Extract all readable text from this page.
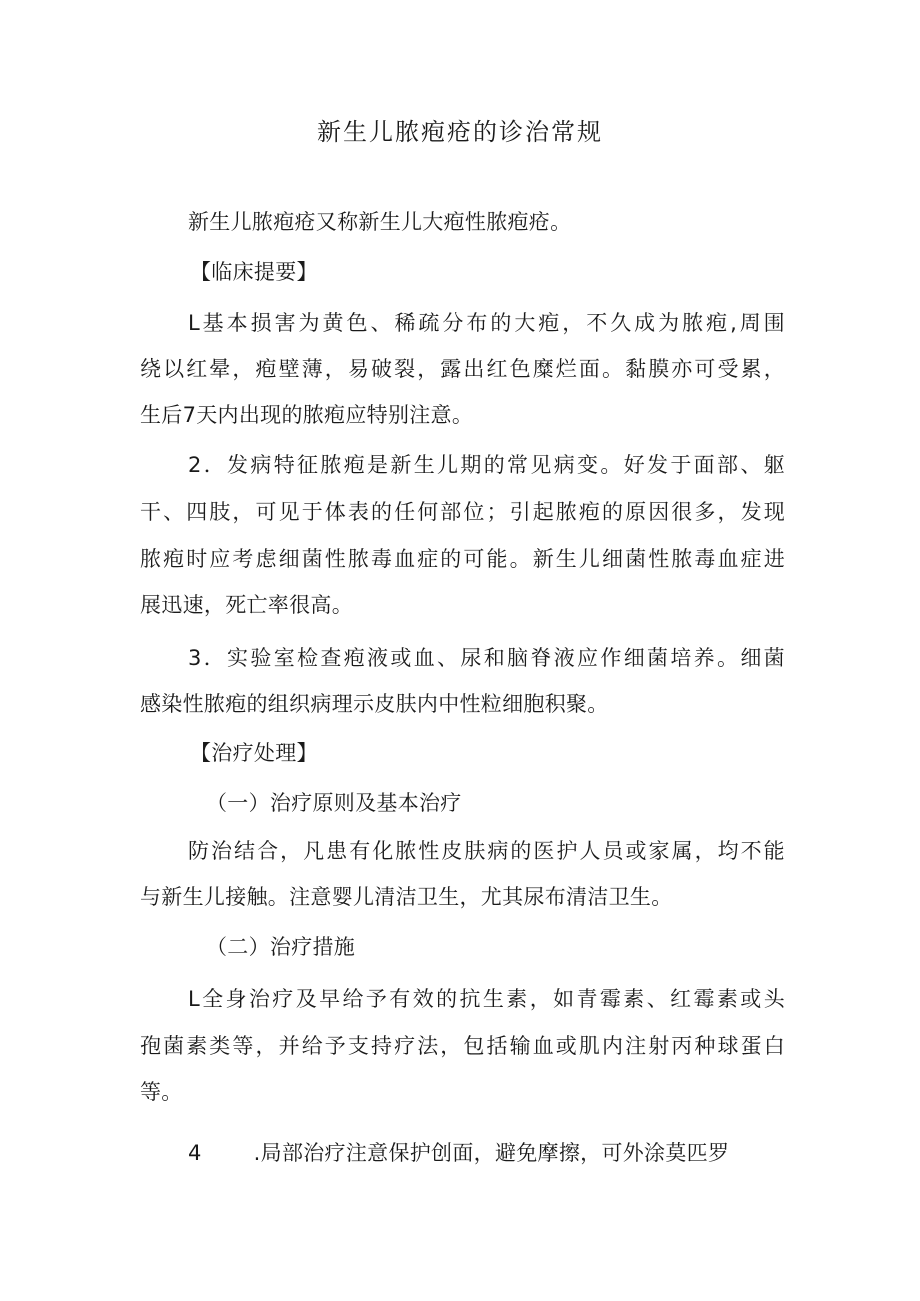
新生儿脓疱疮的诊治常规
新生儿脓疱疮又称新生儿大疱性脓疱疮。
【临床提要】
L基本损害为黄色、稀疏分布的大疱，不久成为脓疱,周围
绕以红晕，疱壁薄，易破裂，露出红色糜烂面。黏膜亦可受累，
生后7天内出现的脓疱应特别注意。
2．发病特征脓疱是新生儿期的常见病变。好发于面部、躯
干、四肢，可见于体表的任何部位；引起脓疱的原因很多，发现
脓疱时应考虑细菌性脓毒血症的可能。新生儿细菌性脓毒血症进
展迅速，死亡率很高。
3．实验室检查疱液或血、尿和脑脊液应作细菌培养。细菌
感染性脓疱的组织病理示皮肤内中性粒细胞积聚。
【治疗处理】
（一）治疗原则及基本治疗
防治结合，凡患有化脓性皮肤病的医护人员或家属，均不能
与新生儿接触。注意婴儿清洁卫生，尤其尿布清洁卫生。
（二）治疗措施
L全身治疗及早给予有效的抗生素，如青霉素、红霉素或头
孢菌素类等，并给予支持疗法，包括输血或肌内注射丙种球蛋白
等。
4 .局部治疗注意保护创面，避免摩擦，可外涂莫匹罗
